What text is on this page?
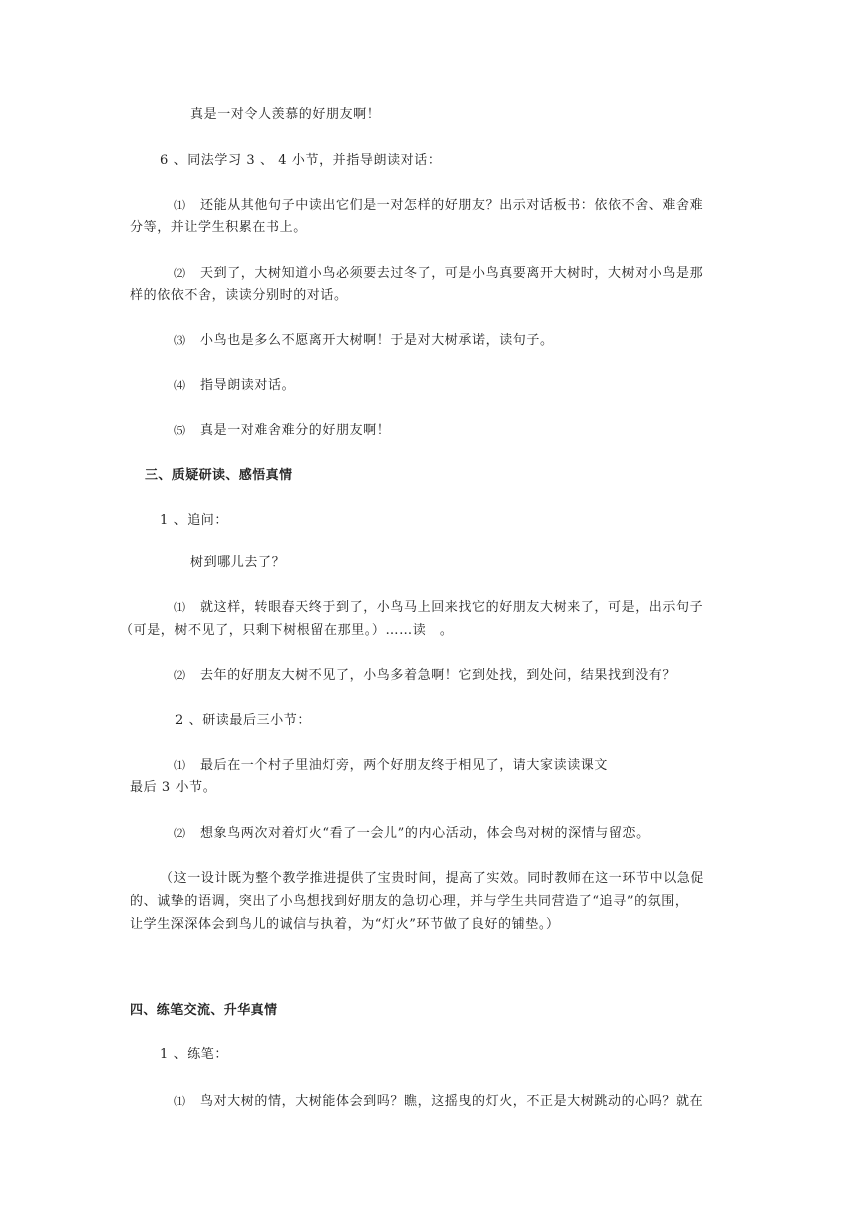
真是一对令人羡慕的好朋友啊！
6 、同法学习 3 、 4 小节，并指导朗读对话：
⑴ 还能从其他句子中读出它们是一对怎样的好朋友？出示对话板书：依依不舍、难舍难
分等，并让学生积累在书上。
⑵ 天到了，大树知道小鸟必须要去过冬了，可是小鸟真要离开大树时，大树对小鸟是那
样的依依不舍，读读分别时的对话。
⑶ 小鸟也是多么不愿离开大树啊！于是对大树承诺，读句子。
⑷ 指导朗读对话。
⑸ 真是一对难舍难分的好朋友啊！
三、质疑研读、感悟真情
1 、追问：
树到哪儿去了？
⑴ 就这样，转眼春天终于到了，小鸟马上回来找它的好朋友大树来了，可是，出示句子
（可是，树不见了，只剩下树根留在那里。）……读　。
⑵ 去年的好朋友大树不见了，小鸟多着急啊！它到处找，到处问，结果找到没有？
2 、研读最后三小节：
⑴ 最后在一个村子里油灯旁，两个好朋友终于相见了，请大家读读课文
最后 3 小节。
⑵ 想象鸟两次对着灯火“看了一会儿”的内心活动，体会鸟对树的深情与留恋。
（这一设计既为整个教学推进提供了宝贵时间，提高了实效。同时教师在这一环节中以急促
的、诚挚的语调，突出了小鸟想找到好朋友的急切心理，并与学生共同营造了“追寻”的氛围，
让学生深深体会到鸟儿的诚信与执着，为“灯火”环节做了良好的铺垫。）
四、练笔交流、升华真情
1 、练笔：
⑴ 鸟对大树的情，大树能体会到吗？瞧，这摇曳的灯火，不正是大树跳动的心吗？就在
